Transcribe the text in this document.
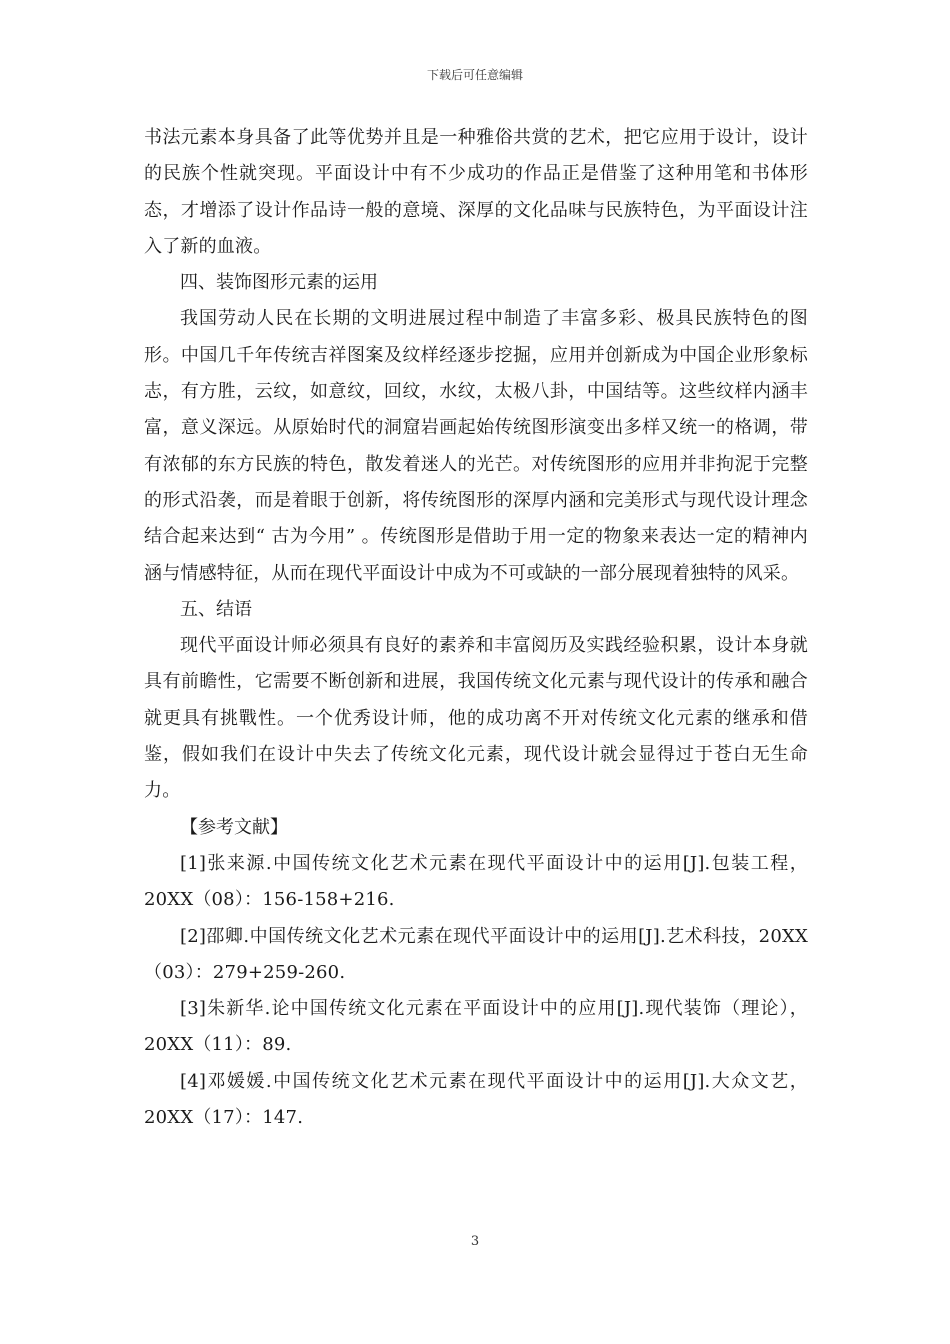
下载后可任意编辑

书法元素本身具备了此等优势并且是一种雅俗共赏的艺术，把它应用于设计，设计的民族个性就突现。平面设计中有不少成功的作品正是借鉴了这种用笔和书体形态，才增添了设计作品诗一般的意境、深厚的文化品味与民族特色，为平面设计注入了新的血液。

四、装饰图形元素的运用

我国劳动人民在长期的文明进展过程中制造了丰富多彩、极具民族特色的图形。中国几千年传统吉祥图案及纹样经逐步挖掘，应用并创新成为中国企业形象标志，有方胜，云纹，如意纹，回纹，水纹，太极八卦，中国结等。这些纹样内涵丰富，意义深远。从原始时代的洞窟岩画起始传统图形演变出多样又统一的格调，带有浓郁的东方民族的特色，散发着迷人的光芒。对传统图形的应用并非拘泥于完整的形式沿袭，而是着眼于创新，将传统图形的深厚内涵和完美形式与现代设计理念结合起来达到“ 古为今用” 。传统图形是借助于用一定的物象来表达一定的精神内涵与情感特征，从而在现代平面设计中成为不可或缺的一部分展现着独特的风采。

五、结语

现代平面设计师必须具有良好的素养和丰富阅历及实践经验积累，设计本身就具有前瞻性，它需要不断创新和进展，我国传统文化元素与现代设计的传承和融合就更具有挑戰性。一个优秀设计师，他的成功离不开对传统文化元素的继承和借鉴，假如我们在设计中失去了传统文化元素，现代设计就会显得过于苍白无生命力。

【参考文献】

[1]张来源.中国传统文化艺术元素在现代平面设计中的运用[J].包装工程，20XX（08）：156-158+216.

[2]邵卿.中国传统文化艺术元素在现代平面设计中的运用[J].艺术科技，20XX（03）：279+259-260.

[3]朱新华.论中国传统文化元素在平面设计中的应用[J].现代装饰（理论），20XX（11）：89.

[4]邓媛媛.中国传统文化艺术元素在现代平面设计中的运用[J].大众文艺，20XX（17）：147.

3
